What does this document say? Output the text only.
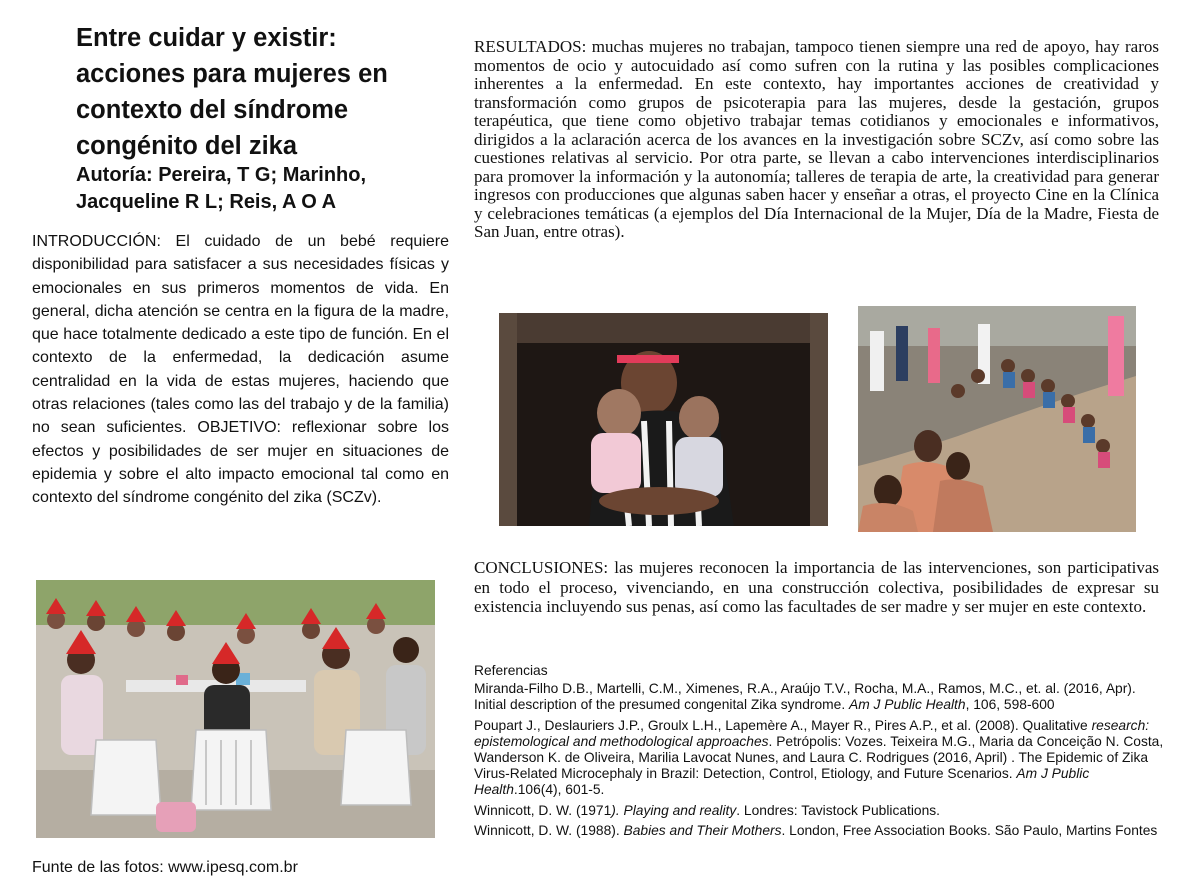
Entre cuidar y existir: acciones para mujeres en contexto del síndrome congénito del zika
Autoría: Pereira, T G; Marinho, Jacqueline R L; Reis, A O A

INTRODUCCIÓN: El cuidado de un bebé requiere disponibilidad para satisfacer a sus necesidades físicas y emocionales en sus primeros momentos de vida. En general, dicha atención se centra en la figura de la madre, que hace totalmente dedicado a este tipo de función. En el contexto de la enfermedad, la dedicación asume centralidad en la vida de estas mujeres, haciendo que otras relaciones (tales como las del trabajo y de la familia) no sean suficientes. OBJETIVO: reflexionar sobre los efectos y posibilidades de ser mujer en situaciones de epidemia y sobre el alto impacto emocional tal como en contexto del síndrome congénito del zika (SCZv).

RESULTADOS: muchas mujeres no trabajan, tampoco tienen siempre una red de apoyo, hay raros momentos de ocio y autocuidado así como sufren con la rutina y las posibles complicaciones inherentes a la enfermedad. En este contexto, hay importantes acciones de creatividad y transformación como grupos de psicoterapia para las mujeres, desde la gestación, grupos terapéutica, que tiene como objetivo trabajar temas cotidianos y emocionales e informativos, dirigidos a la aclaración acerca de los avances en la investigación sobre SCZv, así como sobre las cuestiones relativas al servicio. Por otra parte, se llevan a cabo intervenciones interdisciplinarios para promover la información y la autonomía; talleres de terapia de arte, la creatividad para generar ingresos con producciones que algunas saben hacer y enseñar a otras, el proyecto Cine en la Clínica y celebraciones temáticas (a ejemplos del Día Internacional de la Mujer, Día de la Madre, Fiesta de San Juan, entre otras).

CONCLUSIONES: las mujeres reconocen la importancia de las intervenciones, son participativas en todo el proceso, vivenciando, en una construcción colectiva, posibilidades de expresar su existencia incluyendo sus penas, así como las facultades de ser madre y ser mujer en este contexto.

Referencias
Miranda-Filho D.B., Martelli, C.M., Ximenes, R.A., Araújo T.V., Rocha, M.A., Ramos, M.C., et. al. (2016, Apr). Initial description of the presumed congenital Zika syndrome. Am J Public Health, 106, 598-600
Poupart J., Deslauriers J.P., Groulx L.H., Lapemère A., Mayer R., Pires A.P., et al. (2008). Qualitative research: epistemological and methodological approaches. Petrópolis: Vozes. Teixeira M.G., Maria da Conceição N. Costa, Wanderson K. de Oliveira, Marilia Lavocat Nunes, and Laura C. Rodrigues (2016, April) . The Epidemic of Zika Virus-Related Microcephaly in Brazil: Detection, Control, Etiology, and Future Scenarios. Am J Public Health.106(4), 601-5.
Winnicott, D. W. (1971). Playing and reality. Londres: Tavistock Publications.
Winnicott, D. W. (1988). Babies and Their Mothers. London, Free Association Books. São Paulo, Martins Fontes
Funte de las fotos: www.ipesq.com.br
